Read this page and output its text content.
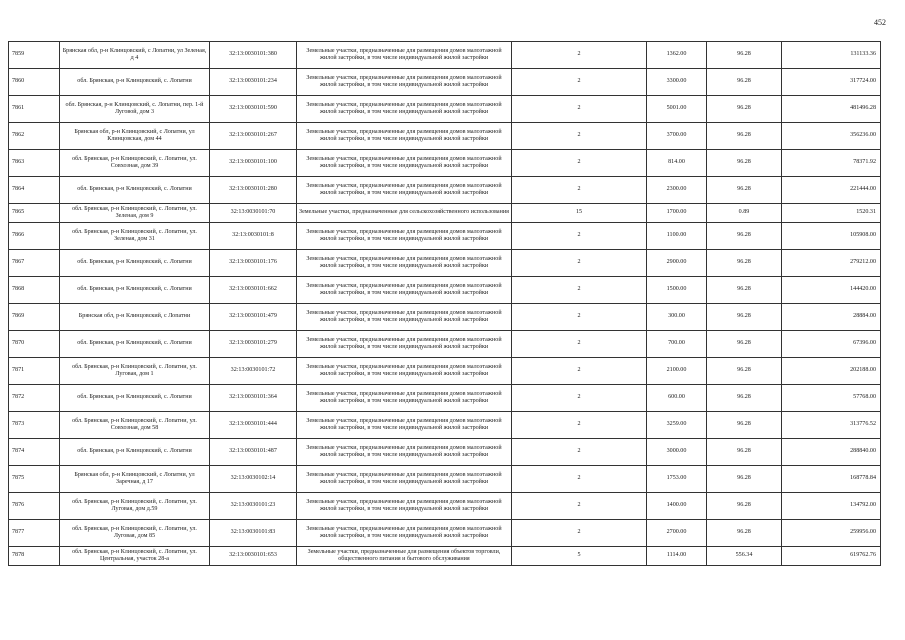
452
7859	Брянская обл, р-н Клинцовский, с Лопатни, ул Зеленая, д 4	32:13:0030101:380	Земельные участки, предназначенные для размещения домов малоэтажной жилой застройки, в том числе индивидуальной жилой застройки	2	1362.00	96.28	131133.36
7860	обл. Брянская, р-н Клинцовский, с. Лопатни	32:13:0030101:234	Земельные участки, предназначенные для размещения домов малоэтажной жилой застройки, в том числе индивидуальной жилой застройки	2	3300.00	96.28	317724.00
7861	обл. Брянская, р-н Клинцовский, с. Лопатни, пер. 1-й Луговой, дом 3	32:13:0030101:590	Земельные участки, предназначенные для размещения домов малоэтажной жилой застройки, в том числе индивидуальной жилой застройки	2	5001.00	96.28	481496.28
7862	Брянская обл, р-н Клинцовский, с Лопатни, ул Клинцовская, дом 44	32:13:0030101:267	Земельные участки, предназначенные для размещения домов малоэтажной жилой застройки, в том числе индивидуальной жилой застройки	2	3700.00	96.28	356236.00
7863	обл. Брянская, р-н Клинцовский, с. Лопатни, ул. Совхозная, дом 39	32:13:0030101:100	Земельные участки, предназначенные для размещения домов малоэтажной жилой застройки, в том числе индивидуальной жилой застройки	2	814.00	96.28	78371.92
7864	обл. Брянская, р-н Клинцовский, с. Лопатни	32:13:0030101:280	Земельные участки, предназначенные для размещения домов малоэтажной жилой застройки, в том числе индивидуальной жилой застройки	2	2300.00	96.28	221444.00
7865	обл. Брянская, р-н Клинцовский, с. Лопатни, ул. Зеленая, дом 9	32:13:0030101:70	Земельные участки, предназначенные для сельскохозяйственного использования	15	1700.00	0.89	1520.31
7866	обл. Брянская, р-н Клинцовский, с. Лопатни, ул. Зеленая, дом 31	32:13:0030101:8	Земельные участки, предназначенные для размещения домов малоэтажной жилой застройки, в том числе индивидуальной жилой застройки	2	1100.00	96.28	105908.00
7867	обл. Брянская, р-н Клинцовский, с. Лопатни	32:13:0030101:176	Земельные участки, предназначенные для размещения домов малоэтажной жилой застройки, в том числе индивидуальной жилой застройки	2	2900.00	96.28	279212.00
7868	обл. Брянская, р-н Клинцовский, с. Лопатни	32:13:0030101:662	Земельные участки, предназначенные для размещения домов малоэтажной жилой застройки, в том числе индивидуальной жилой застройки	2	1500.00	96.28	144420.00
7869	Брянская обл, р-н Клинцовский, с Лопатни	32:13:0030101:479	Земельные участки, предназначенные для размещения домов малоэтажной жилой застройки, в том числе индивидуальной жилой застройки	2	300.00	96.28	28884.00
7870	обл. Брянская, р-н Клинцовский, с. Лопатни	32:13:0030101:279	Земельные участки, предназначенные для размещения домов малоэтажной жилой застройки, в том числе индивидуальной жилой застройки	2	700.00	96.28	67396.00
7871	обл. Брянская, р-н Клинцовский, с. Лопатни, ул. Луговая, дом 1	32:13:0030101:72	Земельные участки, предназначенные для размещения домов малоэтажной жилой застройки, в том числе индивидуальной жилой застройки	2	2100.00	96.28	202188.00
7872	обл. Брянская, р-н Клинцовский, с. Лопатни	32:13:0030101:364	Земельные участки, предназначенные для размещения домов малоэтажной жилой застройки, в том числе индивидуальной жилой застройки	2	600.00	96.28	57768.00
7873	обл. Брянская, р-н Клинцовский, с. Лопатни, ул. Совхозная, дом 58	32:13:0030101:444	Земельные участки, предназначенные для размещения домов малоэтажной жилой застройки, в том числе индивидуальной жилой застройки	2	3259.00	96.28	313776.52
7874	обл. Брянская, р-н Клинцовский, с. Лопатни	32:13:0030101:487	Земельные участки, предназначенные для размещения домов малоэтажной жилой застройки, в том числе индивидуальной жилой застройки	2	3000.00	96.28	288840.00
7875	Брянская обл, р-н Клинцовский, с Лопатни, ул Заречная, д 17	32:13:0030102:14	Земельные участки, предназначенные для размещения домов малоэтажной жилой застройки, в том числе индивидуальной жилой застройки	2	1753.00	96.28	168778.84
7876	обл. Брянская, р-н Клинцовский, с. Лопатни, ул. Луговая, дом д.59	32:13:0030101:23	Земельные участки, предназначенные для размещения домов малоэтажной жилой застройки, в том числе индивидуальной жилой застройки	2	1400.00	96.28	134792.00
7877	обл. Брянская, р-н Клинцовский, с. Лопатни, ул. Луговая, дом 85	32:13:0030101:83	Земельные участки, предназначенные для размещения домов малоэтажной жилой застройки, в том числе индивидуальной жилой застройки	2	2700.00	96.28	259956.00
7878	обл. Брянская, р-н Клинцовский, с. Лопатни, ул. Центральная, участок 28-а	32:13:0030101:653	Земельные участки, предназначенные для размещения объектов торговли, общественного питания и бытового обслуживания	5	1114.00	556.34	619762.76
